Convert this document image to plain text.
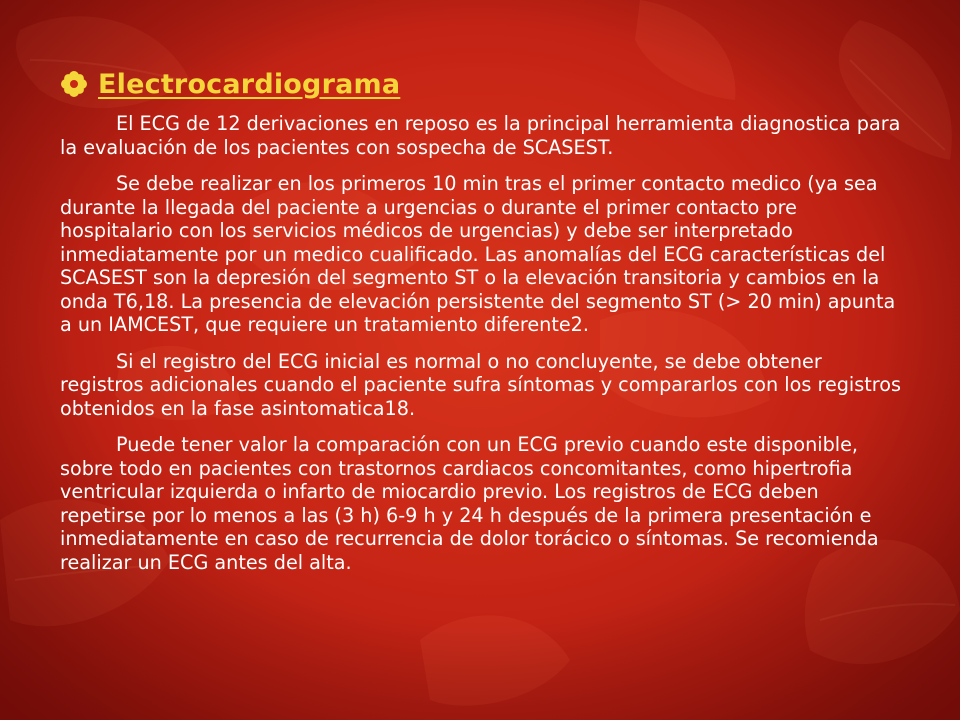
Electrocardiograma

El ECG de 12 derivaciones en reposo es la principal herramienta diagnostica para la evaluación de los pacientes con sospecha de SCASEST.

Se debe realizar en los primeros 10 min tras el primer contacto medico (ya sea durante la llegada del paciente a urgencias o durante el primer contacto pre hospitalario con los servicios médicos de urgencias) y debe ser interpretado inmediatamente por un medico cualificado. Las anomalías del ECG características del SCASEST son la depresión del segmento ST o la elevación transitoria y cambios en la onda T6,18. La presencia de elevación persistente del segmento ST (> 20 min) apunta a un IAMCEST, que requiere un tratamiento diferente2.

Si el registro del ECG inicial es normal o no concluyente, se debe obtener registros adicionales cuando el paciente sufra síntomas y compararlos con los registros obtenidos en la fase asintomatica18.

Puede tener valor la comparación con un ECG previo cuando este disponible, sobre todo en pacientes con trastornos cardiacos concomitantes, como hipertrofia ventricular izquierda o infarto de miocardio previo. Los registros de ECG deben repetirse por lo menos a las (3 h) 6-9 h y 24 h después de la primera presentación e inmediatamente en caso de recurrencia de dolor torácico o síntomas. Se recomienda realizar un ECG antes del alta.
